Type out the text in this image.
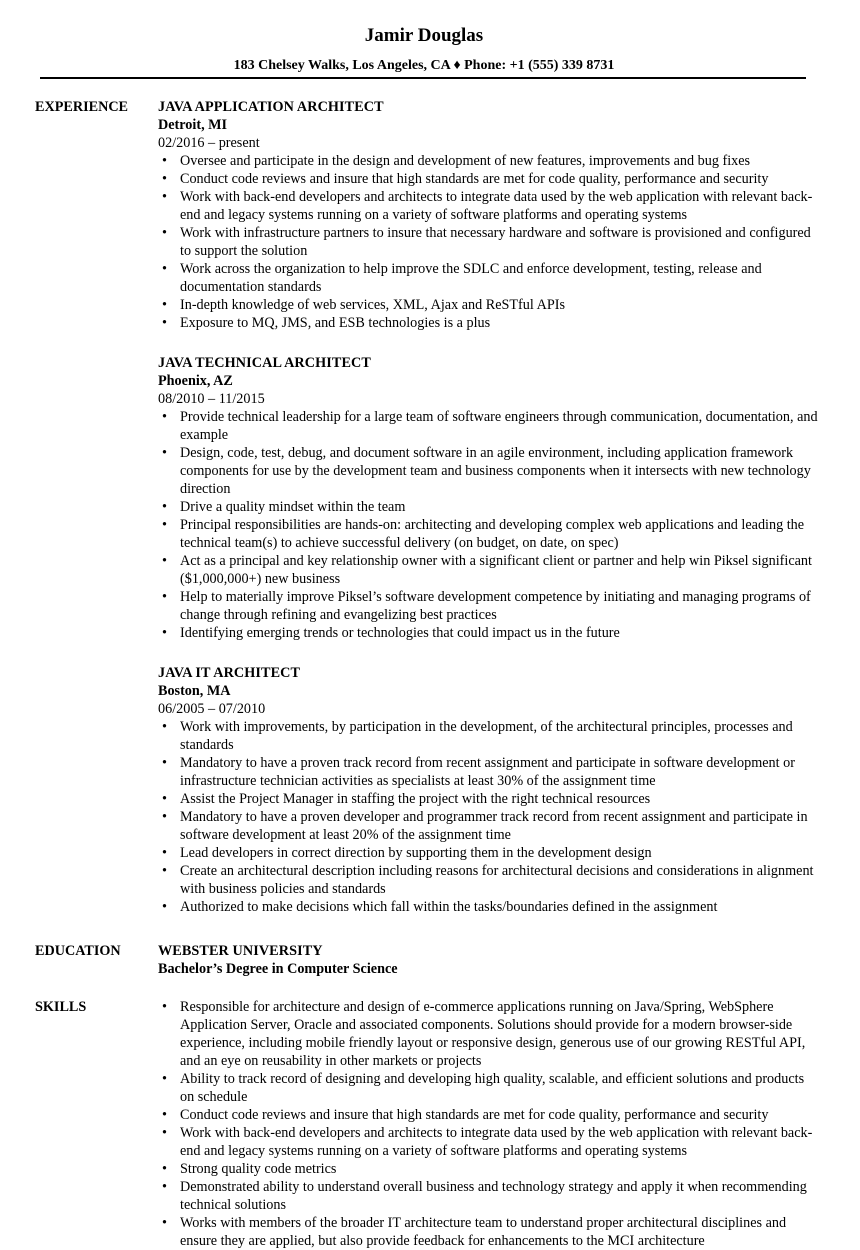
Jamir Douglas
183 Chelsey Walks, Los Angeles, CA ♦ Phone: +1 (555) 339 8731
EXPERIENCE JAVA APPLICATION ARCHITECT
Detroit, MI
02/2016 – present
• Oversee and participate in the design and development of new features, improvements and bug fixes
• Conduct code reviews and insure that high standards are met for code quality, performance and security
• Work with back-end developers and architects to integrate data used by the web application with relevant back-end and legacy systems running on a variety of software platforms and operating systems
• Work with infrastructure partners to insure that necessary hardware and software is provisioned and configured to support the solution
• Work across the organization to help improve the SDLC and enforce development, testing, release and documentation standards
• In-depth knowledge of web services, XML, Ajax and ReSTful APIs
• Exposure to MQ, JMS, and ESB technologies is a plus
JAVA TECHNICAL ARCHITECT
Phoenix, AZ
08/2010 – 11/2015
• Provide technical leadership for a large team of software engineers through communication, documentation, and example
• Design, code, test, debug, and document software in an agile environment, including application framework components for use by the development team and business components when it intersects with new technology direction
• Drive a quality mindset within the team
• Principal responsibilities are hands-on: architecting and developing complex web applications and leading the technical team(s) to achieve successful delivery (on budget, on date, on spec)
• Act as a principal and key relationship owner with a significant client or partner and help win Piksel significant ($1,000,000+) new business
• Help to materially improve Piksel’s software development competence by initiating and managing programs of change through refining and evangelizing best practices
• Identifying emerging trends or technologies that could impact us in the future
JAVA IT ARCHITECT
Boston, MA
06/2005 – 07/2010
• Work with improvements, by participation in the development, of the architectural principles, processes and standards
• Mandatory to have a proven track record from recent assignment and participate in software development or infrastructure technician activities as specialists at least 30% of the assignment time
• Assist the Project Manager in staffing the project with the right technical resources
• Mandatory to have a proven developer and programmer track record from recent assignment and participate in software development at least 20% of the assignment time
• Lead developers in correct direction by supporting them in the development design
• Create an architectural description including reasons for architectural decisions and considerations in alignment with business policies and standards
• Authorized to make decisions which fall within the tasks/boundaries defined in the assignment
EDUCATION	WEBSTER UNIVERSITY
Bachelor’s Degree in Computer Science
SKILLS
•	Responsible for architecture and design of e-commerce applications running on Java/Spring, WebSphere Application Server, Oracle and associated components. Solutions should provide for a modern browser-side experience, including mobile friendly layout or responsive design, generous use of our growing RESTful API, and an eye on reusability in other markets or projects
• Ability to track record of designing and developing high quality, scalable, and efficient solutions and products on schedule
• Conduct code reviews and insure that high standards are met for code quality, performance and security
• Work with back-end developers and architects to integrate data used by the web application with relevant back-end and legacy systems running on a variety of software platforms and operating systems
• Strong quality code metrics
• Demonstrated ability to understand overall business and technology strategy and apply it when recommending technical solutions
• Works with members of the broader IT architecture team to understand proper architectural disciplines and ensure they are applied, but also provide feedback for enhancements to the MCI architecture
